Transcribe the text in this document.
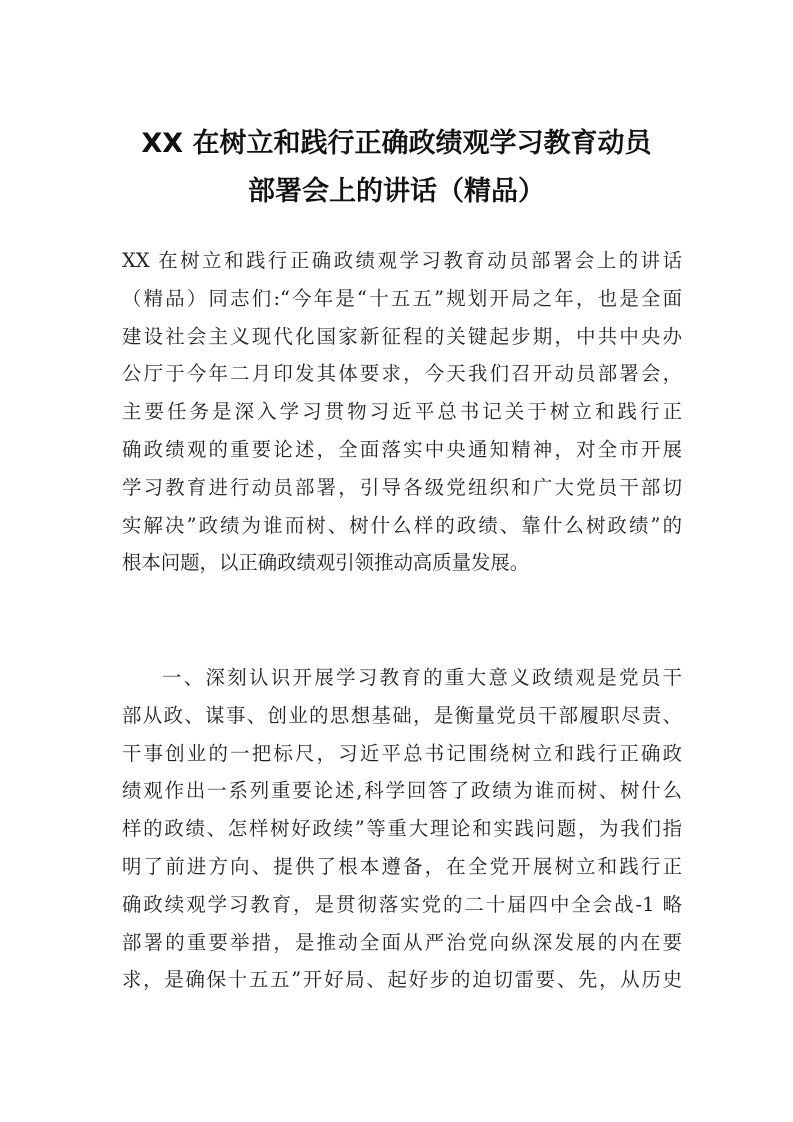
XX 在树立和践行正确政绩观学习教育动员
部署会上的讲话（精品）
XX 在树立和践行正确政绩观学习教育动员部署会上的讲话
（精品）同志们:“今年是“十五五”规划开局之年，也是全面
建设社会主义现代化国家新征程的关键起步期，中共中央办
公厅于今年二月印发其体要求，今天我们召开动员部署会，
主要任务是深入学习贯物习近平总书记关于树立和践行正
确政绩观的重要论述，全面落实中央通知精神，对全市开展
学习教育进行动员部署，引导各级党纽织和广大党员干部切
实解决”政绩为谁而树、树什么样的政绩、靠什么树政绩”的
根本问题，以正确政绩观引领推动高质量发展。
一、深刻认识开展学习教育的重大意义政绩观是党员干
部从政、谋事、创业的思想基础，是衡量党员干部履职尽责、
干事创业的一把标尺，习近平总书记围绕树立和践行正确政
绩观作出一系列重要论述,科学回答了政绩为谁而树、树什么
样的政绩、怎样树好政续”等重大理论和实践问题，为我们指
明了前进方向、提供了根本遵备，在全党开展树立和践行正
确政续观学习教育，是贯彻落实党的二十届四中全会战-1 略
部署的重要举措，是推动全面从严治党向纵深发展的内在要
求，是确保十五五”开好局、起好步的迫切雷要、先，从历史
